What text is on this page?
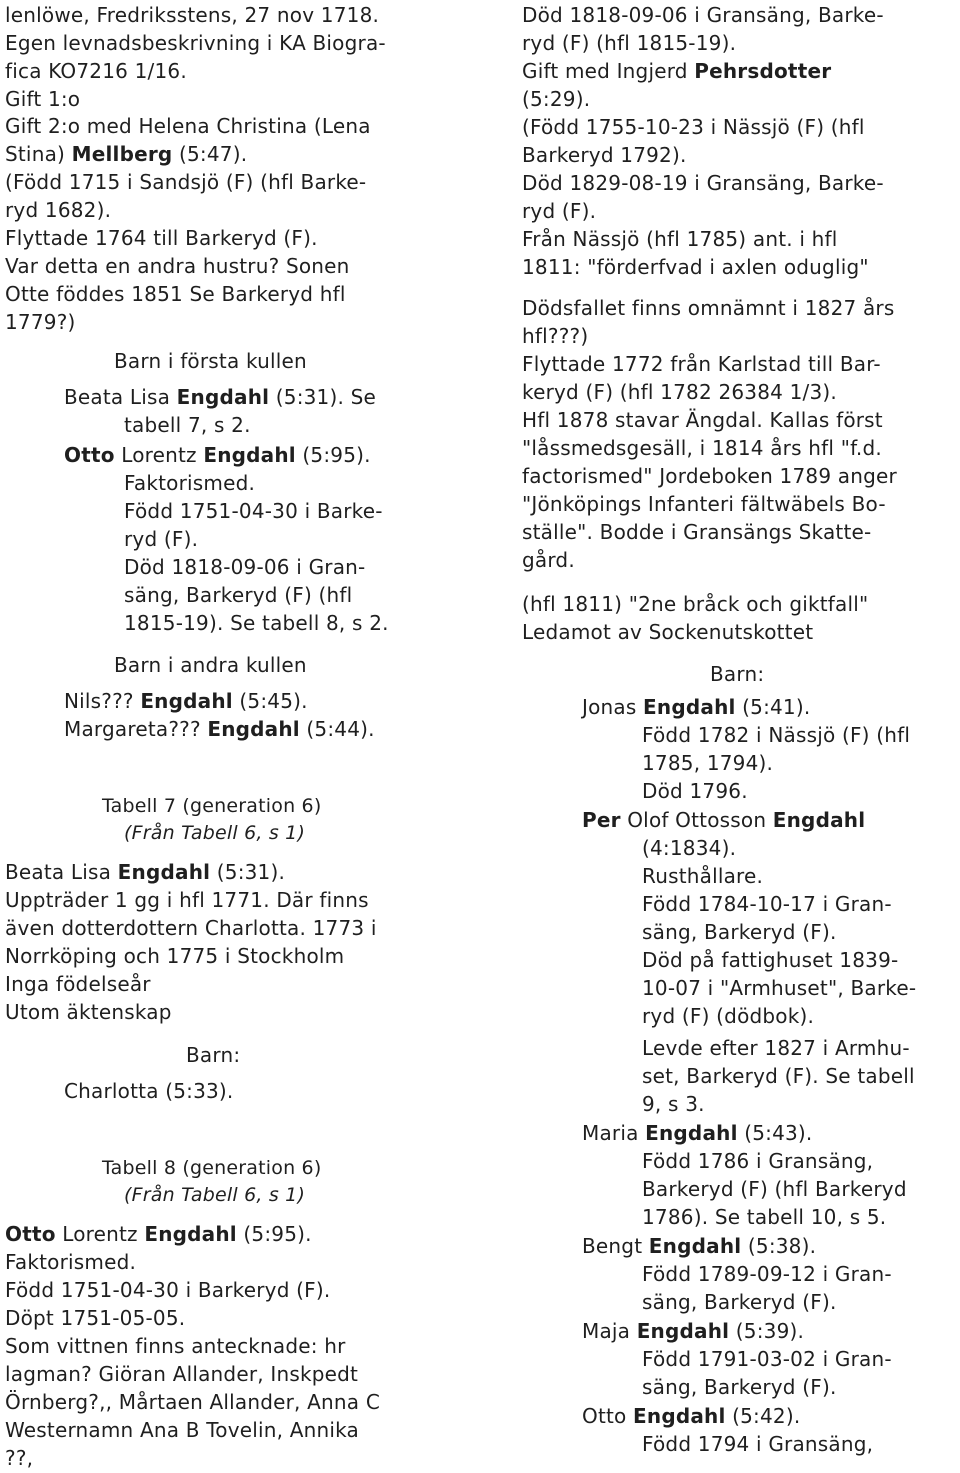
lenlöwe, Fredriksstens, 27 nov 1718.
Egen levnadsbeskrivning i KA Biogra-
fica KO7216 1/16.
Gift 1:o
Gift 2:o med Helena Christina (Lena
Stina) Mellberg (5:47).
(Född 1715 i Sandsjö (F) (hfl Barke-
ryd 1682).
Flyttade 1764 till Barkeryd (F).
Var detta en andra hustru? Sonen
Otte föddes 1851 Se Barkeryd hfl
1779?)
Barn i första kullen
Beata Lisa Engdahl (5:31). Se
tabell 7, s 2.
Otto Lorentz Engdahl (5:95).
Faktorismed.
Född 1751-04-30 i Barke-
ryd (F).
Död 1818-09-06 i Gran-
säng, Barkeryd (F) (hfl
1815-19). Se tabell 8, s 2.
Barn i andra kullen
Nils??? Engdahl (5:45).
Margareta??? Engdahl (5:44).
Tabell 7 (generation 6)
(Från Tabell 6, s 1)
Beata Lisa Engdahl (5:31).
Uppträder 1 gg i hfl 1771. Där finns
även dotterdottern Charlotta. 1773 i
Norrköping och 1775 i Stockholm
Inga födelseår
Utom äktenskap
Barn:
Charlotta (5:33).
Tabell 8 (generation 6)
(Från Tabell 6, s 1)
Otto Lorentz Engdahl (5:95).
Faktorismed.
Född 1751-04-30 i Barkeryd (F).
Döpt 1751-05-05.
Som vittnen finns antecknade: hr
lagman? Giöran Allander, Inskpedt
Örnberg?,, Mårtaen Allander, Anna C
Westernamn Ana B Tovelin, Annika
??,
Död 1818-09-06 i Gransäng, Barke-
ryd (F) (hfl 1815-19).
Gift med Ingjerd Pehrsdotter
(5:29).
(Född 1755-10-23 i Nässjö (F) (hfl
Barkeryd 1792).
Död 1829-08-19 i Gransäng, Barke-
ryd (F).
Från Nässjö (hfl 1785) ant. i hfl
1811: "förderfvad i axlen oduglig"
Dödsfallet finns omnämnt i 1827 års
hfl???)
Flyttade 1772 från Karlstad till Bar-
keryd (F) (hfl 1782 26384 1/3).
Hfl 1878 stavar Ängdal. Kallas först
"låssmedsgesäll, i 1814 års hfl "f.d.
factorismed" Jordeboken 1789 anger
"Jönköpings Infanteri fältwäbels Bo-
ställe". Bodde i Gransängs Skatte-
gård.
(hfl 1811) "2ne bråck och giktfall"
Ledamot av Sockenutskottet
Barn:
Jonas Engdahl (5:41).
Född 1782 i Nässjö (F) (hfl
1785, 1794).
Död 1796.
Per Olof Ottosson Engdahl
(4:1834).
Rusthållare.
Född 1784-10-17 i Gran-
säng, Barkeryd (F).
Död på fattighuset 1839-
10-07 i "Armhuset", Barke-
ryd (F) (dödbok).
Levde efter 1827 i Armhu-
set, Barkeryd (F). Se tabell
9, s 3.
Maria Engdahl (5:43).
Född 1786 i Gransäng,
Barkeryd (F) (hfl Barkeryd
1786). Se tabell 10, s 5.
Bengt Engdahl (5:38).
Född 1789-09-12 i Gran-
säng, Barkeryd (F).
Maja Engdahl (5:39).
Född 1791-03-02 i Gran-
säng, Barkeryd (F).
Otto Engdahl (5:42).
Född 1794 i Gransäng,
